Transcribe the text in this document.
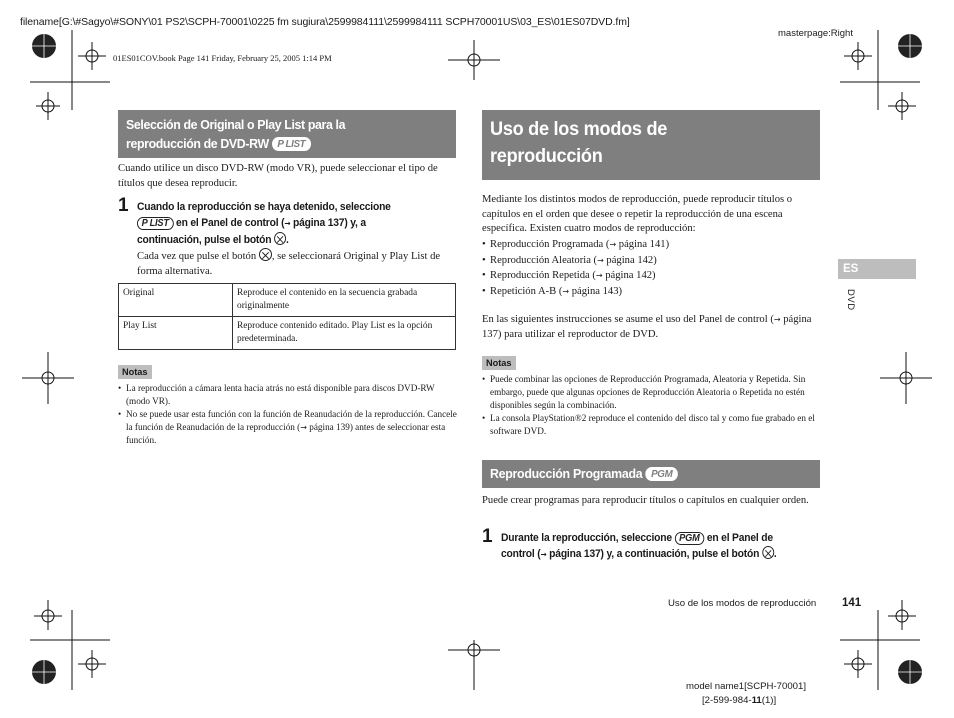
filename[G:\#Sagyo\#SONY\01 PS2\SCPH-70001\0225 fm sugiura\2599984111\2599984111 SCPH70001US\03_ES\01ES07DVD.fm]
01ES01COV.book Page 141 Friday, February 25, 2005 1:14 PM
masterpage:Right
Selección de Original o Play List para la
reproducción de DVD-RW P LIST
Cuando utilice un disco DVD-RW (modo VR), puede seleccionar el tipo de títulos que desea reproducir.
1 Cuando la reproducción se haya detenido, seleccione
P LIST en el Panel de control (→ página 137) y, a
continuación, pulse el botón .
Cada vez que pulse el botón , se seleccionará Original y Play List de forma alternativa.
Original	Reproduce el contenido en la secuencia grabada originalmente
Play List	Reproduce contenido editado. Play List es la opción predeterminada.
Notas
• La reproducción a cámara lenta hacia atrás no está disponible para discos DVD-RW (modo VR).
• No se puede usar esta función con la función de Reanudación de la reproducción. Cancele la función de Reanudación de la reproducción (→ página 139) antes de seleccionar esta función.
Uso de los modos de
reproducción
Mediante los distintos modos de reproducción, puede reproducir títulos o capítulos en el orden que desee o repetir la reproducción de una escena específica. Existen cuatro modos de reproducción:
• Reproducción Programada (→ página 141)
• Reproducción Aleatoria (→ página 142)
• Reproducción Repetida (→ página 142)
• Repetición A-B (→ página 143)
En las siguientes instrucciones se asume el uso del Panel de control (→ página 137) para utilizar el reproductor de DVD.
Notas
• Puede combinar las opciones de Reproducción Programada, Aleatoria y Repetida. Sin embargo, puede que algunas opciones de Reproducción Aleatoria o Repetida no estén disponibles según la combinación.
• La consola PlayStation®2 reproduce el contenido del disco tal y como fue grabado en el software DVD.
Reproducción Programada PGM
Puede crear programas para reproducir títulos o capítulos en cualquier orden.
1 Durante la reproducción, seleccione PGM en el Panel de
control (→ página 137) y, a continuación, pulse el botón .
ES
DVD
Uso de los modos de reproducción 141
model name1[SCPH-70001]
[2-599-984-11(1)]
